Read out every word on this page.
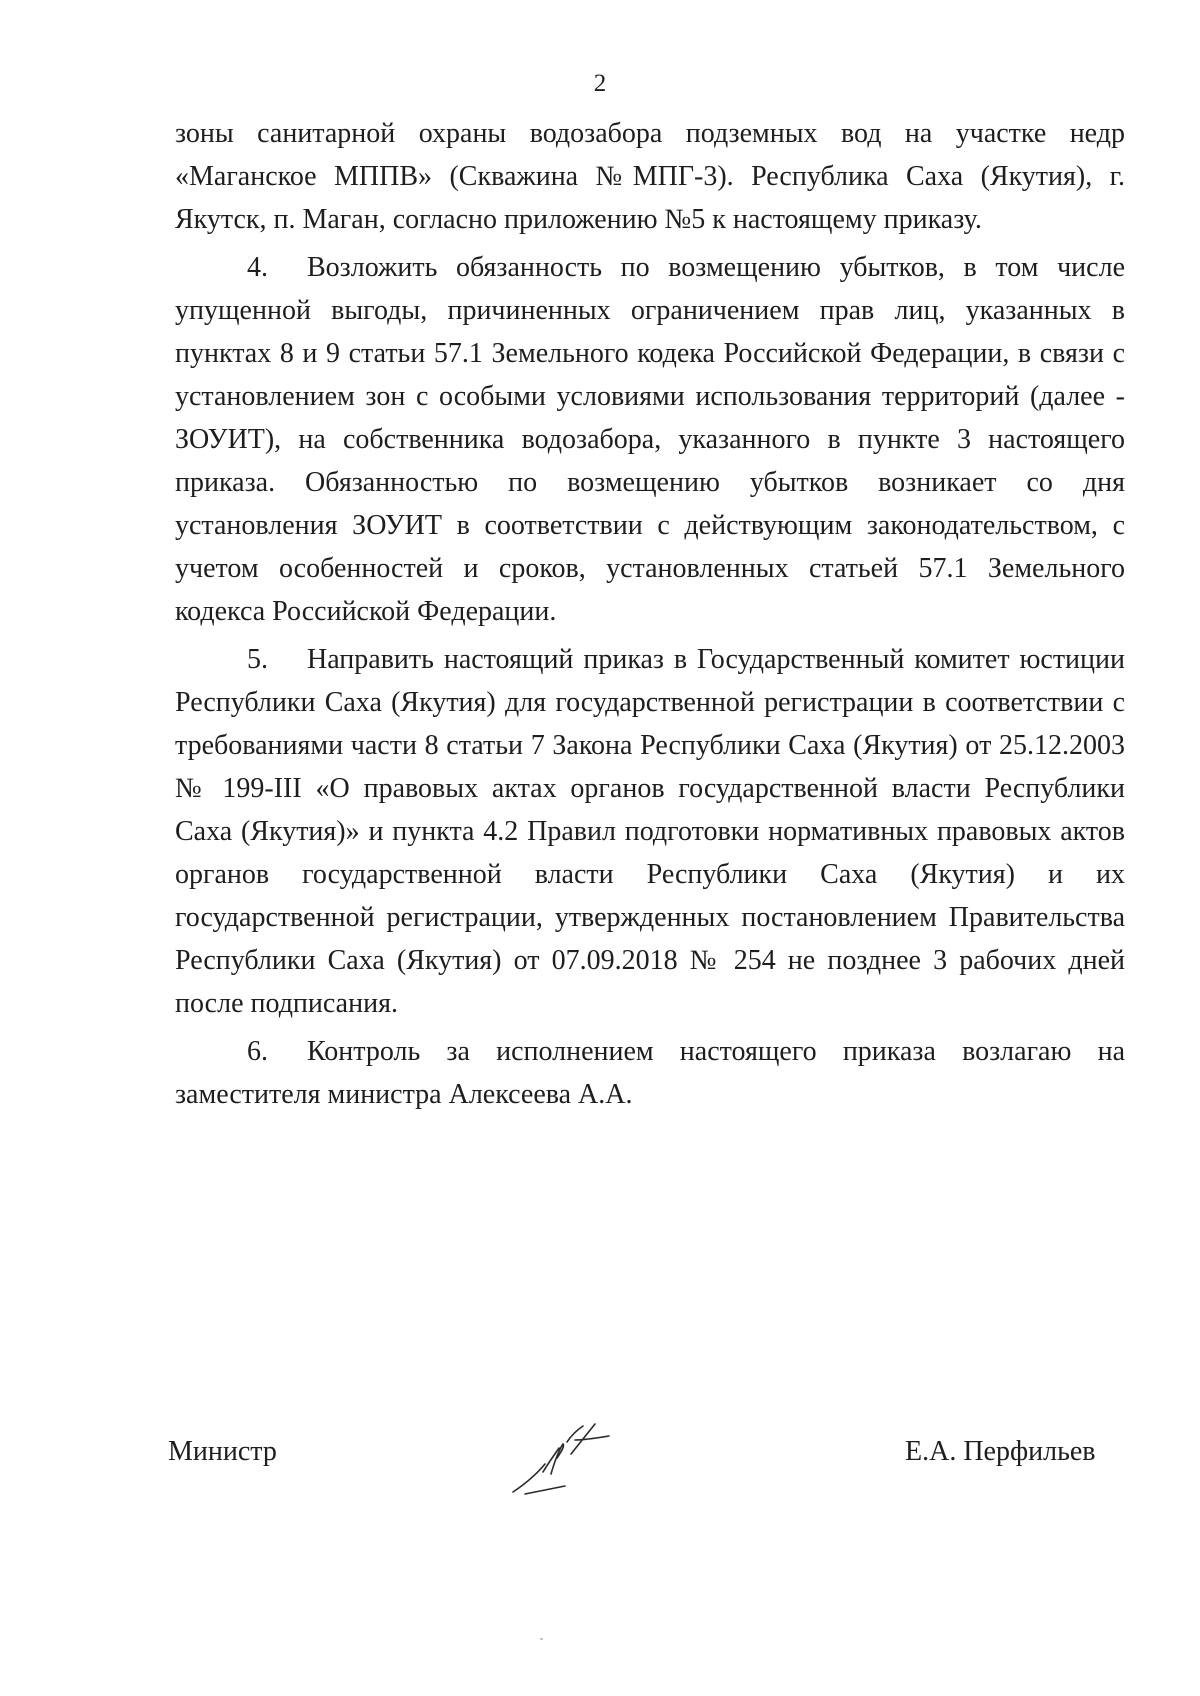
2

зоны санитарной охраны водозабора подземных вод на участке недр «Маганское МППВ» (Скважина №МПГ-3). Республика Саха (Якутия), г. Якутск, п. Маган, согласно приложению №5 к настоящему приказу.

4. Возложить обязанность по возмещению убытков, в том числе упущенной выгоды, причиненных ограничением прав лиц, указанных в пунктах 8 и 9 статьи 57.1 Земельного кодека Российской Федерации, в связи с установлением зон с особыми условиями использования территорий (далее - ЗОУИТ), на собственника водозабора, указанного в пункте 3 настоящего приказа. Обязанностью по возмещению убытков возникает со дня установления ЗОУИТ в соответствии с действующим законодательством, с учетом особенностей и сроков, установленных статьей 57.1 Земельного кодекса Российской Федерации.

5. Направить настоящий приказ в Государственный комитет юстиции Республики Саха (Якутия) для государственной регистрации в соответствии с требованиями части 8 статьи 7 Закона Республики Саха (Якутия) от 25.12.2003 № 199-III «О правовых актах органов государственной власти Республики Саха (Якутия)» и пункта 4.2 Правил подготовки нормативных правовых актов органов государственной власти Республики Саха (Якутия) и их государственной регистрации, утвержденных постановлением Правительства Республики Саха (Якутия) от 07.09.2018 № 254 не позднее 3 рабочих дней после подписания.

6. Контроль за исполнением настоящего приказа возлагаю на заместителя министра Алексеева А.А.

Министр	Е.А. Перфильев
